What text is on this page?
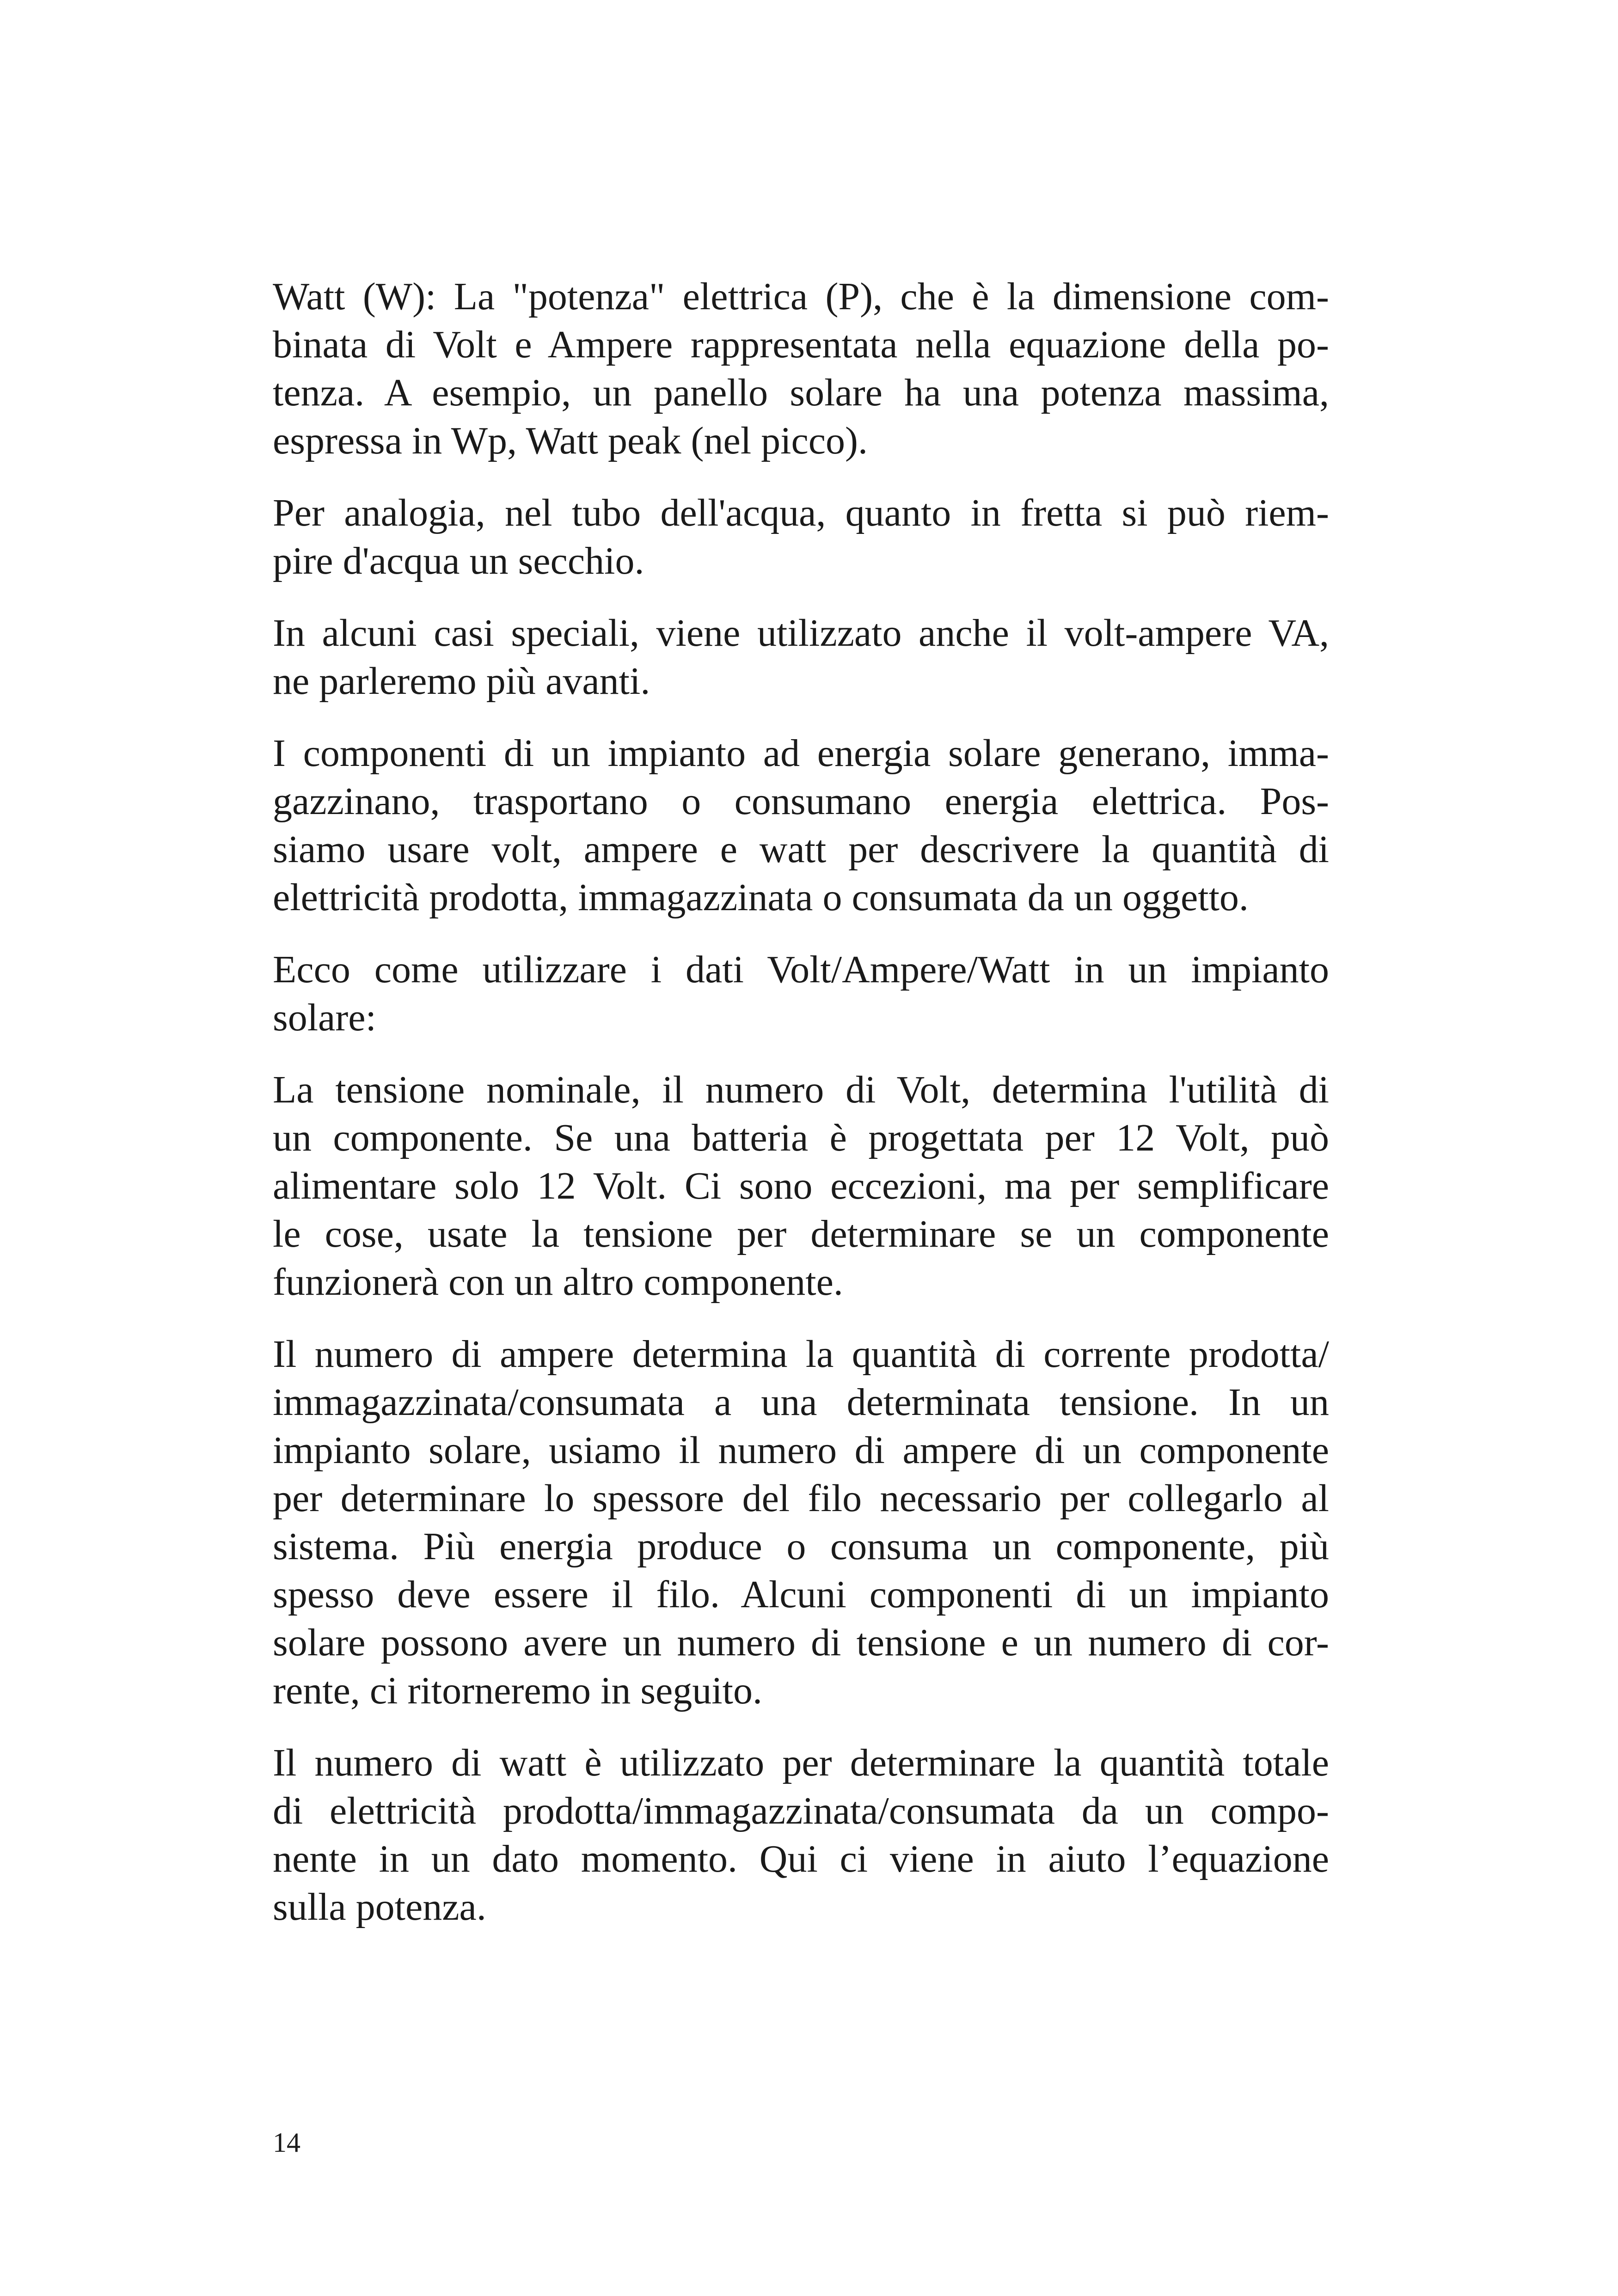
Watt (W): La "potenza" elettrica (P), che è la dimensione com-
binata di Volt e Ampere rappresentata nella equazione della po-
tenza. A esempio, un panello solare ha una potenza massima,
espressa in Wp, Watt peak (nel picco).

Per analogia, nel tubo dell'acqua, quanto in fretta si può riem-
pire d'acqua un secchio.

In alcuni casi speciali, viene utilizzato anche il volt-ampere VA,
ne parleremo più avanti.

I componenti di un impianto ad energia solare generano, imma-
gazzinano, trasportano o consumano energia elettrica. Pos-
siamo usare volt, ampere e watt per descrivere la quantità di
elettricità prodotta, immagazzinata o consumata da un oggetto.

Ecco come utilizzare i dati Volt/Ampere/Watt in un impianto
solare:

La tensione nominale, il numero di Volt, determina l'utilità di
un componente. Se una batteria è progettata per 12 Volt, può
alimentare solo 12 Volt. Ci sono eccezioni, ma per semplificare
le cose, usate la tensione per determinare se un componente
funzionerà con un altro componente.

Il numero di ampere determina la quantità di corrente prodotta/
immagazzinata/consumata a una determinata tensione. In un
impianto solare, usiamo il numero di ampere di un componente
per determinare lo spessore del filo necessario per collegarlo al
sistema. Più energia produce o consuma un componente, più
spesso deve essere il filo. Alcuni componenti di un impianto
solare possono avere un numero di tensione e un numero di cor-
rente, ci ritorneremo in seguito.

Il numero di watt è utilizzato per determinare la quantità totale
di elettricità prodotta/immagazzinata/consumata da un compo-
nente in un dato momento. Qui ci viene in aiuto l’equazione
sulla potenza.

14
